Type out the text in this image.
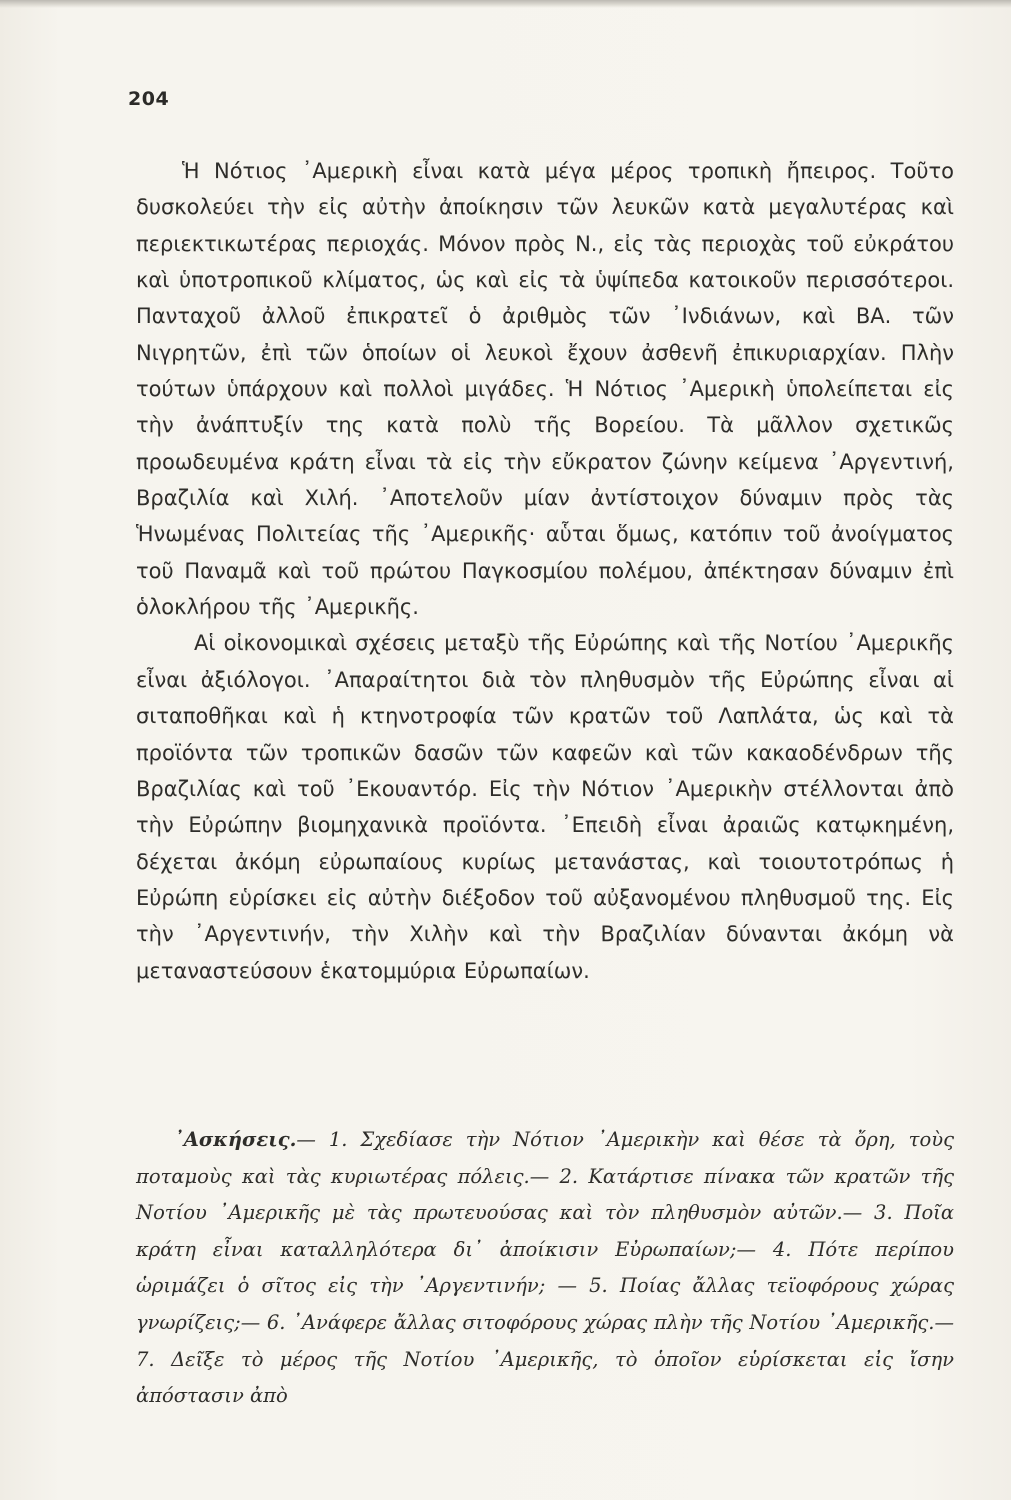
204

Ἡ Νότιος ᾿Αμερικὴ εἶναι κατὰ μέγα μέρος τροπικὴ ἤπειρος. Τοῦτο δυσκολεύει τὴν εἰς αὐτὴν ἀποίκησιν τῶν λευκῶν κατὰ μεγαλυτέρας καὶ περιεκτικωτέρας περιοχάς. Μόνον πρὸς Ν., εἰς τὰς περιοχὰς τοῦ εὐκράτου καὶ ὑποτροπικοῦ κλίματος, ὡς καὶ εἰς τὰ ὑψίπεδα κατοικοῦν περισσότεροι. Πανταχοῦ ἀλλοῦ ἐπικρατεῖ ὁ ἀριθμὸς τῶν ᾿Ινδιάνων, καὶ ΒΑ. τῶν Νιγρητῶν, ἐπὶ τῶν ὁποίων οἱ λευκοὶ ἔχουν ἀσθενῆ ἐπικυριαρχίαν. Πλὴν τούτων ὑπάρχουν καὶ πολλοὶ μιγάδες. Ἡ Νότιος ᾿Αμερικὴ ὑπολείπεται εἰς τὴν ἀνάπτυξίν της κατὰ πολὺ τῆς Βορείου. Τὰ μᾶλλον σχετικῶς προωδευμένα κράτη εἶναι τὰ εἰς τὴν εὔκρατον ζώνην κείμενα ᾿Αργεντινή, Βραζιλία καὶ Χιλή. ᾿Αποτελοῦν μίαν ἀντίστοιχον δύναμιν πρὸς τὰς Ἡνωμένας Πολιτείας τῆς ᾿Αμερικῆς· αὗται ὅμως, κατόπιν τοῦ ἀνοίγματος τοῦ Παναμᾶ καὶ τοῦ πρώτου Παγκοσμίου πολέμου, ἀπέκτησαν δύναμιν ἐπὶ ὁλοκλήρου τῆς ᾿Αμερικῆς.

Αἱ οἰκονομικαὶ σχέσεις μεταξὺ τῆς Εὐρώπης καὶ τῆς Νοτίου ᾿Αμερικῆς εἶναι ἀξιόλογοι. ᾿Απαραίτητοι διὰ τὸν πληθυσμὸν τῆς Εὐρώπης εἶναι αἱ σιταποθῆκαι καὶ ἡ κτηνοτροφία τῶν κρατῶν τοῦ Λαπλάτα, ὡς καὶ τὰ προϊόντα τῶν τροπικῶν δασῶν τῶν καφεῶν καὶ τῶν κακαοδένδρων τῆς Βραζιλίας καὶ τοῦ ᾿Εκουαντόρ. Εἰς τὴν Νότιον ᾿Αμερικὴν στέλλονται ἀπὸ τὴν Εὐρώπην βιομηχανικὰ προϊόντα. ᾿Επειδὴ εἶναι ἀραιῶς κατῳκημένη, δέχεται ἀκόμη εὐρωπαίους κυρίως μετανάστας, καὶ τοιουτοτρόπως ἡ Εὐρώπη εὑρίσκει εἰς αὐτὴν διέξοδον τοῦ αὐξανομένου πληθυσμοῦ της. Εἰς τὴν ᾿Αργεντινήν, τὴν Χιλὴν καὶ τὴν Βραζιλίαν δύνανται ἀκόμη νὰ μεταναστεύσουν ἑκατομμύρια Εὐρωπαίων.

᾿Ασκήσεις.— 1. Σχεδίασε τὴν Νότιον ᾿Αμερικὴν καὶ θέσε τὰ ὄρη, τοὺς ποταμοὺς καὶ τὰς κυριωτέρας πόλεις.— 2. Κατάρτισε πίνακα τῶν κρατῶν τῆς Νοτίου ᾿Αμερικῆς μὲ τὰς πρωτευούσας καὶ τὸν πληθυσμὸν αὐτῶν.— 3. Ποῖα κράτη εἶναι καταλληλότερα δι᾿ ἀποίκισιν Εὐρωπαίων;— 4. Πότε περίπου ὡριμάζει ὁ σῖτος εἰς τὴν ᾿Αργεντινήν; — 5. Ποίας ἄλλας τεϊοφόρους χώρας γνωρίζεις;— 6. ᾿Ανάφερε ἄλλας σιτοφόρους χώρας πλὴν τῆς Νοτίου ᾿Αμερικῆς.— 7. Δεῖξε τὸ μέρος τῆς Νοτίου ᾿Αμερικῆς, τὸ ὁποῖον εὑρίσκεται εἰς ἴσην ἀπόστασιν ἀπὸ
